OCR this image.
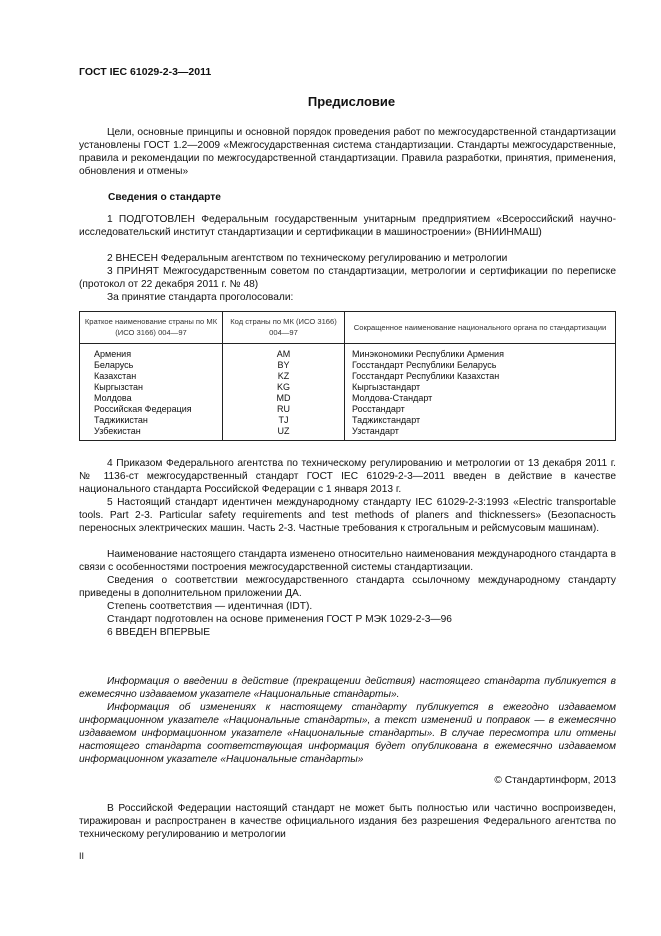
ГОСТ IEC 61029-2-3—2011
Предисловие

Цели, основные принципы и основной порядок проведения работ по межгосударственной стандартизации установлены ГОСТ 1.2—2009 «Межгосударственная система стандартизации. Стандарты межгосударственные, правила и рекомендации по межгосударственной стандартизации. Правила разработки, принятия, применения, обновления и отмены»

Сведения о стандарте

1 ПОДГОТОВЛЕН Федеральным государственным унитарным предприятием «Всероссийский научно-исследовательский институт стандартизации и сертификации в машиностроении» (ВНИИНМАШ)

2 ВНЕСЕН Федеральным агентством по техническому регулированию и метрологии

3 ПРИНЯТ Межгосударственным советом по стандартизации, метрологии и сертификации по переписке (протокол от 22 декабря 2011 г. № 48)

За принятие стандарта проголосовали:

Краткое наименование страны по МК (ИСО 3166) 004—97	Код страны по МК (ИСО 3166) 004—97	Сокращенное наименование национального органа по стандартизации
Армения	AM	Минэкономики Республики Армения
Беларусь	BY	Госстандарт Республики Беларусь
Казахстан	KZ	Госстандарт Республики Казахстан
Кыргызстан	KG	Кыргызстандарт
Молдова	MD	Молдова-Стандарт
Российская Федерация	RU	Росстандарт
Таджикистан	TJ	Таджикстандарт
Узбекистан	UZ	Узстандарт

4 Приказом Федерального агентства по техническому регулированию и метрологии от 13 декабря 2011 г. № 1136-ст межгосударственный стандарт ГОСТ IEC 61029-2-3—2011 введен в действие в качестве национального стандарта Российской Федерации с 1 января 2013 г.

5 Настоящий стандарт идентичен международному стандарту IEC 61029-2-3:1993 «Electric transportable tools. Part 2-3. Particular safety requirements and test methods of planers and thicknessers» (Безопасность переносных электрических машин. Часть 2-3. Частные требования к строгальным и рейсмусовым машинам).

Наименование настоящего стандарта изменено относительно наименования международного стандарта в связи с особенностями построения межгосударственной системы стандартизации.

Сведения о соответствии межгосударственного стандарта ссылочному международному стандарту приведены в дополнительном приложении ДА.

Степень соответствия — идентичная (IDT).

Стандарт подготовлен на основе применения ГОСТ Р МЭК 1029-2-3—96

6 ВВЕДЕН ВПЕРВЫЕ

Информация о введении в действие (прекращении действия) настоящего стандарта публикуется в ежемесячно издаваемом указателе «Национальные стандарты».

Информация об изменениях к настоящему стандарту публикуется в ежегодно издаваемом информационном указателе «Национальные стандарты», а текст изменений и поправок — в ежемесячно издаваемом информационном указателе «Национальные стандарты». В случае пересмотра или отмены настоящего стандарта соответствующая информация будет опубликована в ежемесячно издаваемом информационном указателе «Национальные стандарты»

© Стандартинформ, 2013

В Российской Федерации настоящий стандарт не может быть полностью или частично воспроизведен, тиражирован и распространен в качестве официального издания без разрешения Федерального агентства по техническому регулированию и метрологии

II
